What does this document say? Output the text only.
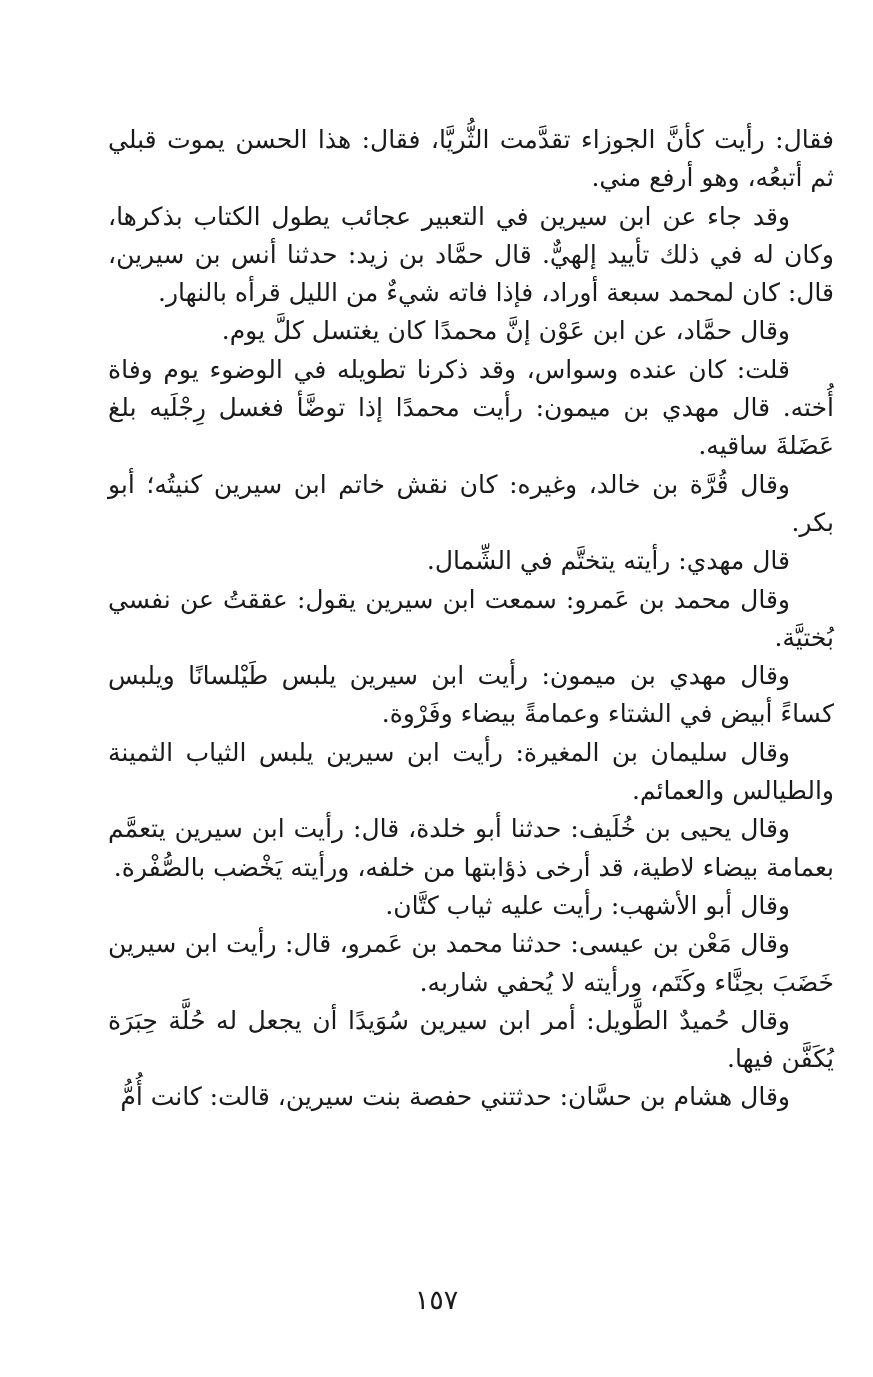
فقال: رأيت كأنَّ الجوزاء تقدَّمت الثُّريَّا، فقال: هذا الحسن يموت قبلي ثم أتبعُه، وهو أرفع مني.

وقد جاء عن ابن سيرين في التعبير عجائب يطول الكتاب بذكرها، وكان له في ذلك تأييد إلهيٌّ. قال حمَّاد بن زيد: حدثنا أنس بن سيرين، قال: كان لمحمد سبعة أوراد، فإذا فاته شيءٌ من الليل قرأه بالنهار.

وقال حمَّاد، عن ابن عَوْن إنَّ محمدًا كان يغتسل كلَّ يوم.

قلت: كان عنده وسواس، وقد ذكرنا تطويله في الوضوء يوم وفاة أُخته. قال مهدي بن ميمون: رأيت محمدًا إذا توضَّأ فغسل رِجْلَيه بلغ عَضَلةَ ساقيه.

وقال قُرَّة بن خالد، وغيره: كان نقش خاتم ابن سيرين كنيتُه؛ أبو بكر.

قال مهدي: رأيته يتختَّم في الشِّمال.

وقال محمد بن عَمرو: سمعت ابن سيرين يقول: عققتُ عن نفسي بُختيَّة.

وقال مهدي بن ميمون: رأيت ابن سيرين يلبس طَيْلسانًا ويلبس كساءً أبيض في الشتاء وعمامةً بيضاء وفَرْوة.

وقال سليمان بن المغيرة: رأيت ابن سيرين يلبس الثياب الثمينة والطيالس والعمائم.

وقال يحيى بن خُلَيف: حدثنا أبو خلدة، قال: رأيت ابن سيرين يتعمَّم بعمامة بيضاء لاطية، قد أرخى ذؤابتها من خلفه، ورأيته يَخْضب بالصُّفْرة.

وقال أبو الأشهب: رأيت عليه ثياب كتَّان.

وقال مَعْن بن عيسى: حدثنا محمد بن عَمرو، قال: رأيت ابن سيرين خَضَبَ بحِنَّاء وكَتَم، ورأيته لا يُحفي شاربه.

وقال حُميدٌ الطَّويل: أمر ابن سيرين سُوَيدًا أن يجعل له حُلَّة حِبَرَة يُكَفَّن فيها.

وقال هشام بن حسَّان: حدثتني حفصة بنت سيرين، قالت: كانت أُمُّ

١٥٧
